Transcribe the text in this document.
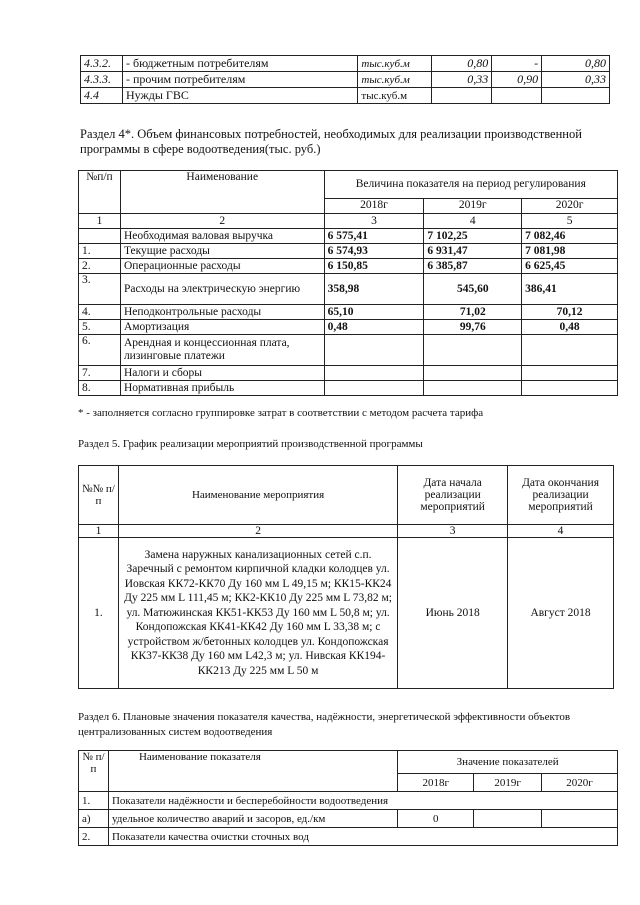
4.3.2.	- бюджетным потребителям	тыс.куб.м	0,80	-	0,80
4.3.3.	- прочим потребителям	тыс.куб.м	0,33	0,90	0,33
4.4	Нужды ГВС	тыс.куб.м			

Раздел 4*. Объем финансовых потребностей, необходимых для реализации производственной программы в сфере водоотведения(тыс. руб.)

№п/п	Наименование	Величина показателя на период регулирования		
		2018г	2019г	2020г
1	2	3	4	5
	Необходимая валовая выручка	6 575,41	7 102,25	7 082,46
1.	Текущие расходы	6 574,93	6 931,47	7 081,98
2.	Операционные расходы	6 150,85	6 385,87	6 625,45
3.	Расходы на электрическую энергию	358,98	545,60	386,41
4.	Неподконтрольные расходы	65,10	71,02	70,12
5.	Амортизация	0,48	99,76	0,48
6.	Арендная и концессионная плата, лизинговые платежи			
7.	Налоги и сборы			
8.	Нормативная прибыль			

* - заполняется согласно группировке затрат в соответствии с методом расчета тарифа

Раздел 5. График реализации мероприятий производственной программы

№№ п/п	Наименование мероприятия	Дата начала реализации мероприятий	Дата окончания реализации мероприятий
1	2	3	4
1.	Замена наружных канализационных сетей с.п. Заречный с ремонтом кирпичной кладки колодцев ул. Иовская КК72-КК70 Ду 160 мм L 49,15 м; КК15-КК24 Ду 225 мм L 111,45 м; КК2-КК10 Ду 225 мм L 73,82 м; ул. Матюжинская КК51-КК53 Ду 160 мм L 50,8 м; ул. Кондопожская КК41-КК42 Ду 160 мм L 33,38 м; с устройством ж/бетонных колодцев ул. Кондопожская КК37-КК38 Ду 160 мм L42,3 м; ул. Нивская КК194-КК213 Ду 225 мм L 50 м	Июнь 2018	Август 2018

Раздел 6. Плановые значения показателя качества, надёжности, энергетической эффективности объектов централизованных систем водоотведения

№ п/п	Наименование показателя	Значение показателей		
		2018г	2019г	2020г
1.	Показатели надёжности и бесперебойности водоотведения			
а)	удельное количество аварий и засоров, ед./км	0		
2.	Показатели качества очистки сточных вод			
